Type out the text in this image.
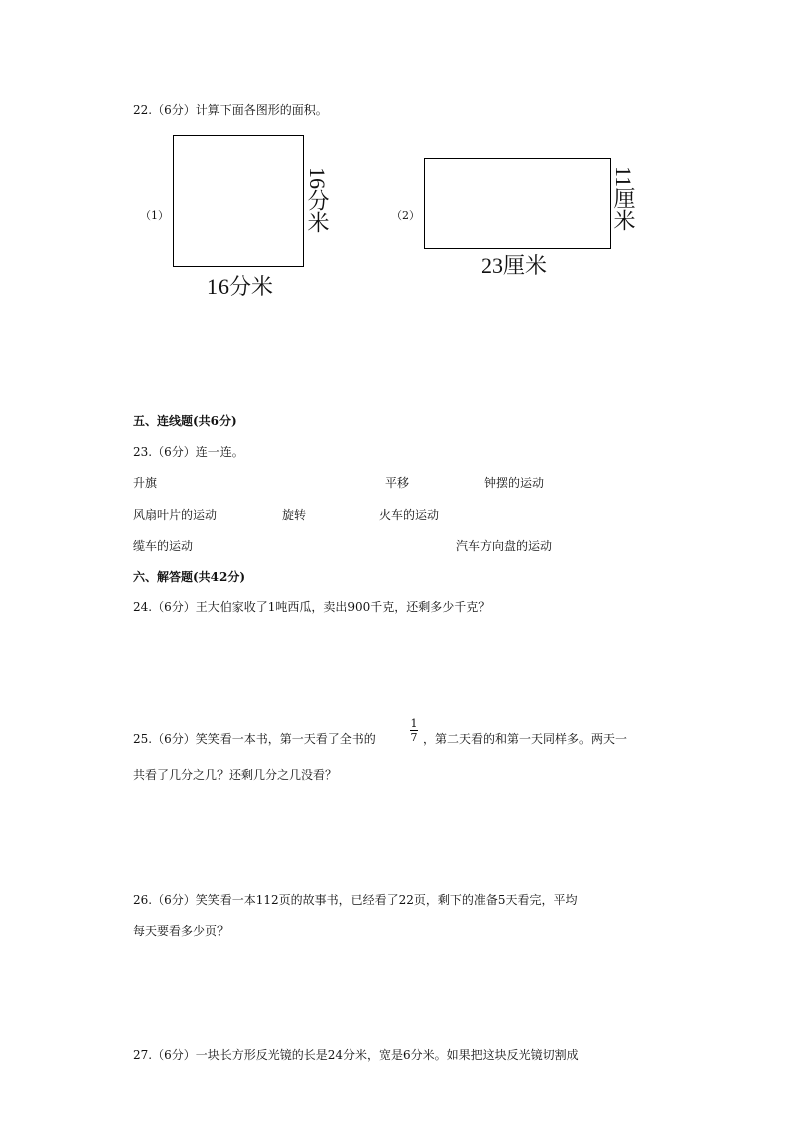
22.（6分）计算下面各图形的面积。
（1）	16分米
16分米
（2）	11厘米
23厘米
五、连线题(共6分)
23.（6分）连一连。
升旗	平移	钟摆的运动
风扇叶片的运动	旋转	火车的运动
缆车的运动	汽车方向盘的运动
六、解答题(共42分)
24.（6分）王大伯家收了1吨西瓜，卖出900千克，还剩多少千克？
25.（6分）笑笑看一本书，第一天看了全书的
1
7 ，第二天看的和第一天同样多。两天一
共看了几分之几？还剩几分之几没看？
26.（6分）笑笑看一本112页的故事书，已经看了22页，剩下的准备5天看完，平均
每天要看多少页？
27.（6分）一块长方形反光镜的长是24分米，宽是6分米。如果把这块反光镜切割成
